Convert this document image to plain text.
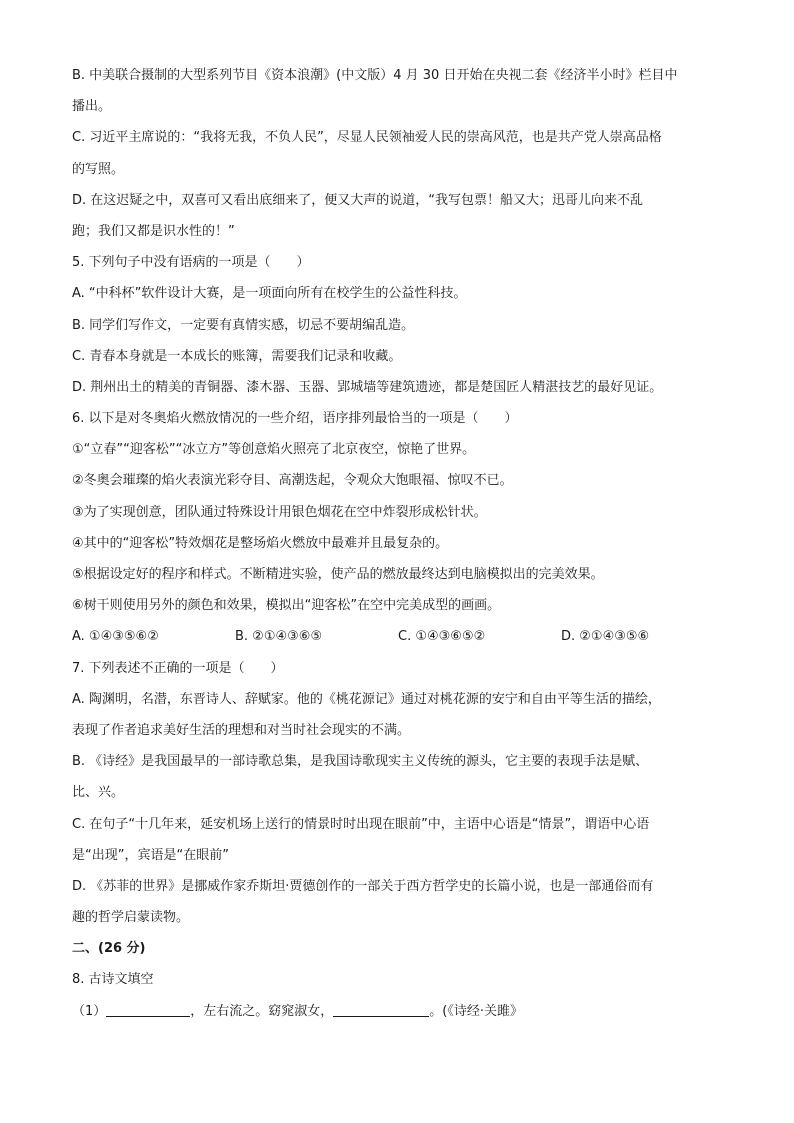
B. 中美联合摄制的大型系列节目《资本浪潮》(中文版）4 月 30 日开始在央视二套《经济半小时》栏目中
播出。
C. 习近平主席说的：“我将无我，不负人民”，尽显人民领袖爱人民的崇高风范，也是共产党人崇高品格
的写照。
D. 在这迟疑之中，双喜可又看出底细来了，便又大声的说道，“我写包票！船又大；迅哥儿向来不乱
跑；我们又都是识水性的！”
5. 下列句子中没有语病的一项是（　　）
A. “中科杯”软件设计大赛，是一项面向所有在校学生的公益性科技。
B. 同学们写作文，一定要有真情实感，切忌不要胡编乱造。
C. 青春本身就是一本成长的账簿，需要我们记录和收藏。
D. 荆州出土的精美的青铜器、漆木器、玉器、郢城墙等建筑遗迹，都是楚国匠人精湛技艺的最好见证。
6. 以下是对冬奥焰火燃放情况的一些介绍，语序排列最恰当的一项是（　　）
①“立春”“迎客松”“冰立方”等创意焰火照亮了北京夜空，惊艳了世界。
②冬奥会璀璨的焰火表演光彩夺目、高潮迭起，令观众大饱眼福、惊叹不已。
③为了实现创意，团队通过特殊设计用银色烟花在空中炸裂形成松针状。
④其中的“迎客松”特效烟花是整场焰火燃放中最难并且最复杂的。
⑤根据设定好的程序和样式。不断精进实验，使产品的燃放最终达到电脑模拟出的完美效果。
⑥树干则使用另外的颜色和效果，模拟出“迎客松”在空中完美成型的画画。
A. ①④③⑤⑥②	B. ②①④③⑥⑤	C. ①④③⑥⑤②	D. ②①④③⑤⑥
7. 下列表述不正确的一项是（　　）
A. 陶渊明，名潜，东晋诗人、辞赋家。他的《桃花源记》通过对桃花源的安宁和自由平等生活的描绘，
表现了作者追求美好生活的理想和对当时社会现实的不满。
B. 《诗经》是我国最早的一部诗歌总集，是我国诗歌现实主义传统的源头，它主要的表现手法是赋、
比、兴。
C. 在句子“十几年来，延安机场上送行的情景时时出现在眼前”中，主语中心语是“情景”，谓语中心语
是“出现”，宾语是“在眼前”
D. 《苏菲的世界》是挪威作家乔斯坦·贾德创作的一部关于西方哲学史的长篇小说，也是一部通俗而有
趣的哲学启蒙读物。
二、(26 分)
8. 古诗文填空
（1）	，左右流之。窈窕淑女，	。(《诗经·关雎》
